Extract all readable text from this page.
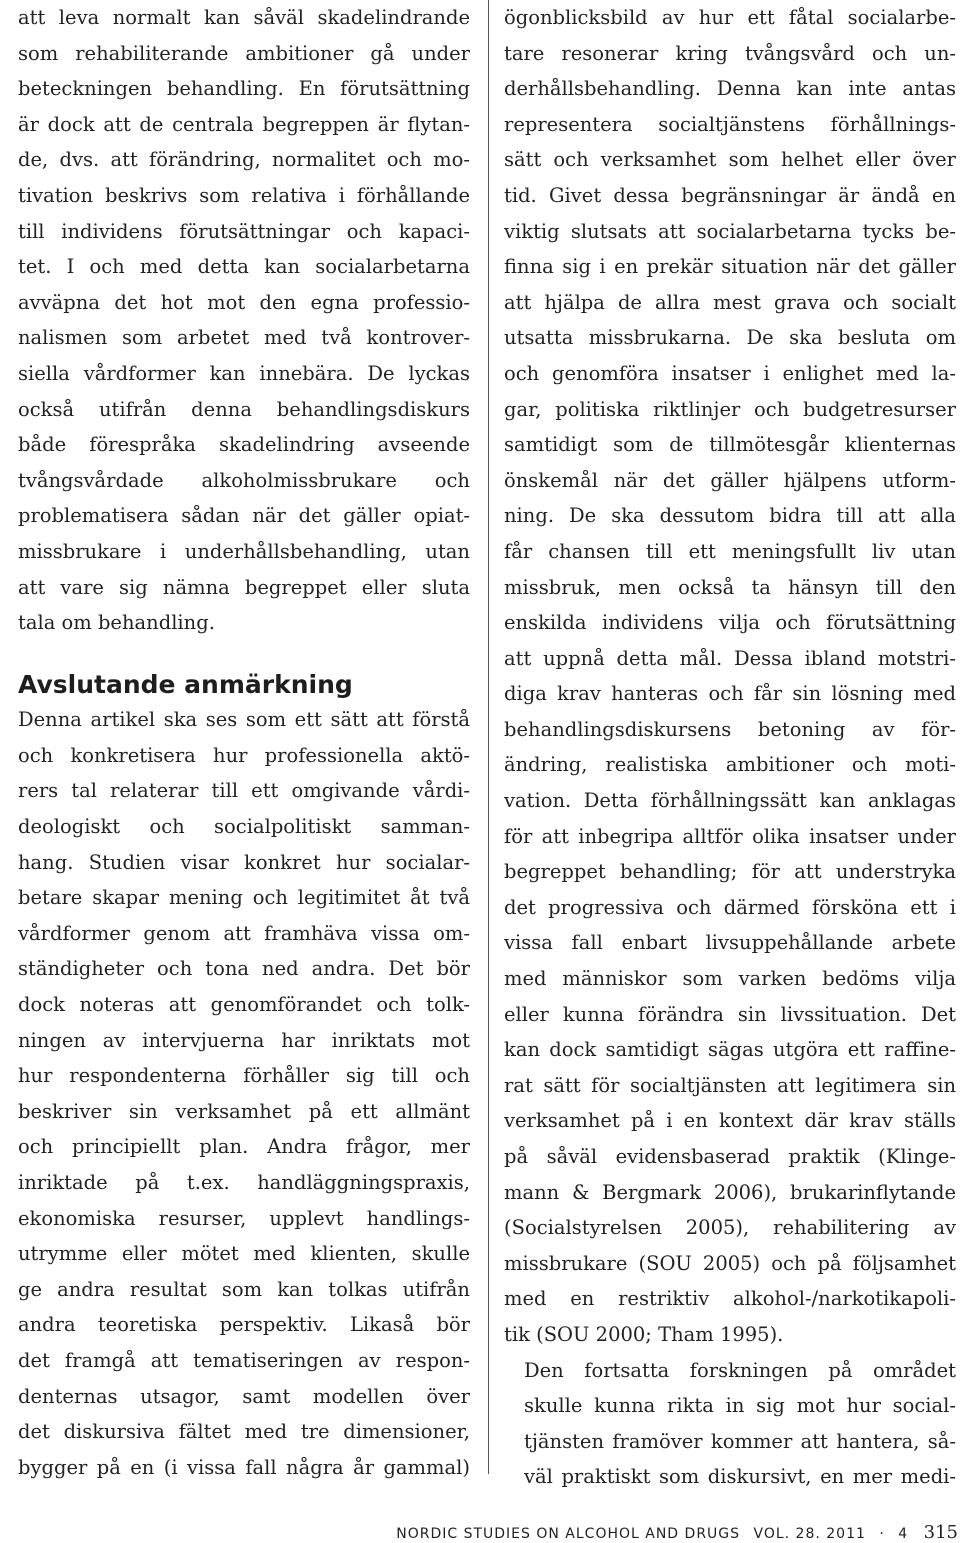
att leva normalt kan såväl skadelindrande
som rehabiliterande ambitioner gå under
beteckningen behandling. En förutsättning
är dock att de centrala begreppen är flytan-
de, dvs. att förändring, normalitet och mo-
tivation beskrivs som relativa i förhållande
till individens förutsättningar och kapaci-
tet. I och med detta kan socialarbetarna
avväpna det hot mot den egna professio-
nalismen som arbetet med två kontrover-
siella vårdformer kan innebära. De lyckas
också utifrån denna behandlingsdiskurs
både förespråka skadelindring avseende
tvångsvårdade alkoholmissbrukare och
problematisera sådan när det gäller opiat-
missbrukare i underhållsbehandling, utan
att vare sig nämna begreppet eller sluta
tala om behandling.
Avslutande anmärkning
Denna artikel ska ses som ett sätt att förstå
och konkretisera hur professionella aktö-
rers tal relaterar till ett omgivande vårdi-
deologiskt och socialpolitiskt samman-
hang. Studien visar konkret hur socialar-
betare skapar mening och legitimitet åt två
vårdformer genom att framhäva vissa om-
ständigheter och tona ned andra. Det bör
dock noteras att genomförandet och tolk-
ningen av intervjuerna har inriktats mot
hur respondenterna förhåller sig till och
beskriver sin verksamhet på ett allmänt
och principiellt plan. Andra frågor, mer
inriktade på t.ex. handläggningspraxis,
ekonomiska resurser, upplevt handlings-
utrymme eller mötet med klienten, skulle
ge andra resultat som kan tolkas utifrån
andra teoretiska perspektiv. Likaså bör
det framgå att tematiseringen av respon-
denternas utsagor, samt modellen över
det diskursiva fältet med tre dimensioner,
bygger på en (i vissa fall några år gammal)
ögonblicksbild av hur ett fåtal socialarbe-
tare resonerar kring tvångsvård och un-
derhållsbehandling. Denna kan inte antas
representera socialtjänstens förhållnings-
sätt och verksamhet som helhet eller över
tid. Givet dessa begränsningar är ändå en
viktig slutsats att socialarbetarna tycks be-
finna sig i en prekär situation när det gäller
att hjälpa de allra mest grava och socialt
utsatta missbrukarna. De ska besluta om
och genomföra insatser i enlighet med la-
gar, politiska riktlinjer och budgetresurser
samtidigt som de tillmötesgår klienternas
önskemål när det gäller hjälpens utform-
ning. De ska dessutom bidra till att alla
får chansen till ett meningsfullt liv utan
missbruk, men också ta hänsyn till den
enskilda individens vilja och förutsättning
att uppnå detta mål. Dessa ibland motstri-
diga krav hanteras och får sin lösning med
behandlingsdiskursens betoning av för-
ändring, realistiska ambitioner och moti-
vation. Detta förhållningssätt kan anklagas
för att inbegripa alltför olika insatser under
begreppet behandling; för att understryka
det progressiva och därmed försköna ett i
vissa fall enbart livsuppehållande arbete
med människor som varken bedöms vilja
eller kunna förändra sin livssituation. Det
kan dock samtidigt sägas utgöra ett raffine-
rat sätt för socialtjänsten att legitimera sin
verksamhet på i en kontext där krav ställs
på såväl evidensbaserad praktik (Klinge-
mann & Bergmark 2006), brukarinflytande
(Socialstyrelsen 2005), rehabilitering av
missbrukare (SOU 2005) och på följsamhet
med en restriktiv alkohol-/narkotikapoli-
tik (SOU 2000; Tham 1995).
Den fortsatta forskningen på området
skulle kunna rikta in sig mot hur social-
tjänsten framöver kommer att hantera, så-
väl praktiskt som diskursivt, en mer medi-
NORDIC STUDIES ON ALCOHOL AND DRUGS VOL. 28. 2011 · 4 315
